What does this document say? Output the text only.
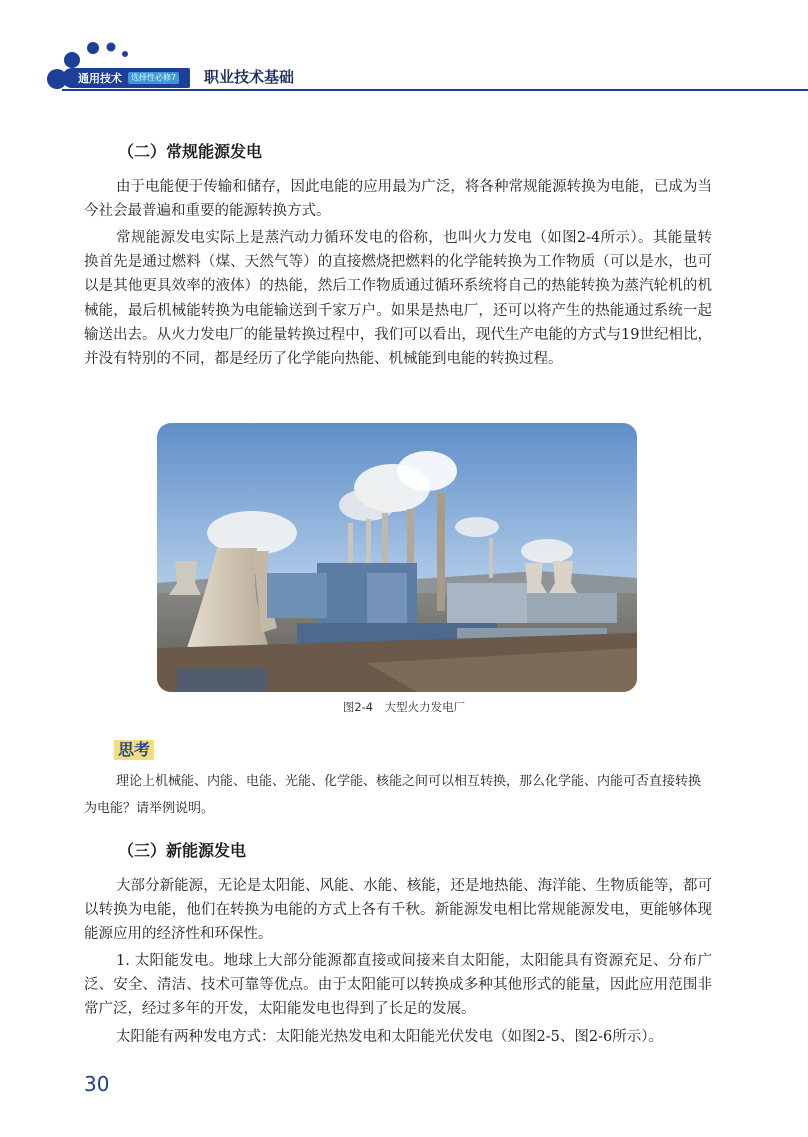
通用技术	选择性必修7 职业技术基础
（二）常规能源发电

由于电能便于传输和储存，因此电能的应用最为广泛，将各种常规能源转换为电能，已成为当今社会最普遍和重要的能源转换方式。

常规能源发电实际上是蒸汽动力循环发电的俗称，也叫火力发电（如图2-4所示）。其能量转换首先是通过燃料（煤、天然气等）的直接燃烧把燃料的化学能转换为工作物质（可以是水，也可以是其他更具效率的液体）的热能，然后工作物质通过循环系统将自己的热能转换为蒸汽轮机的机械能，最后机械能转换为电能输送到千家万户。如果是热电厂，还可以将产生的热能通过系统一起输送出去。从火力发电厂的能量转换过程中，我们可以看出，现代生产电能的方式与19世纪相比，并没有特别的不同，都是经历了化学能向热能、机械能到电能的转换过程。

图2-4　大型火力发电厂
思考

理论上机械能、内能、电能、光能、化学能、核能之间可以相互转换，那么化学能、内能可否直接转换为电能？请举例说明。

（三）新能源发电

大部分新能源，无论是太阳能、风能、水能、核能，还是地热能、海洋能、生物质能等，都可以转换为电能，他们在转换为电能的方式上各有千秋。新能源发电相比常规能源发电，更能够体现能源应用的经济性和环保性。

1. 太阳能发电。地球上大部分能源都直接或间接来自太阳能，太阳能具有资源充足、分布广泛、安全、清洁、技术可靠等优点。由于太阳能可以转换成多种其他形式的能量，因此应用范围非常广泛，经过多年的开发，太阳能发电也得到了长足的发展。

太阳能有两种发电方式：太阳能光热发电和太阳能光伏发电（如图2-5、图2-6所示）。

30
